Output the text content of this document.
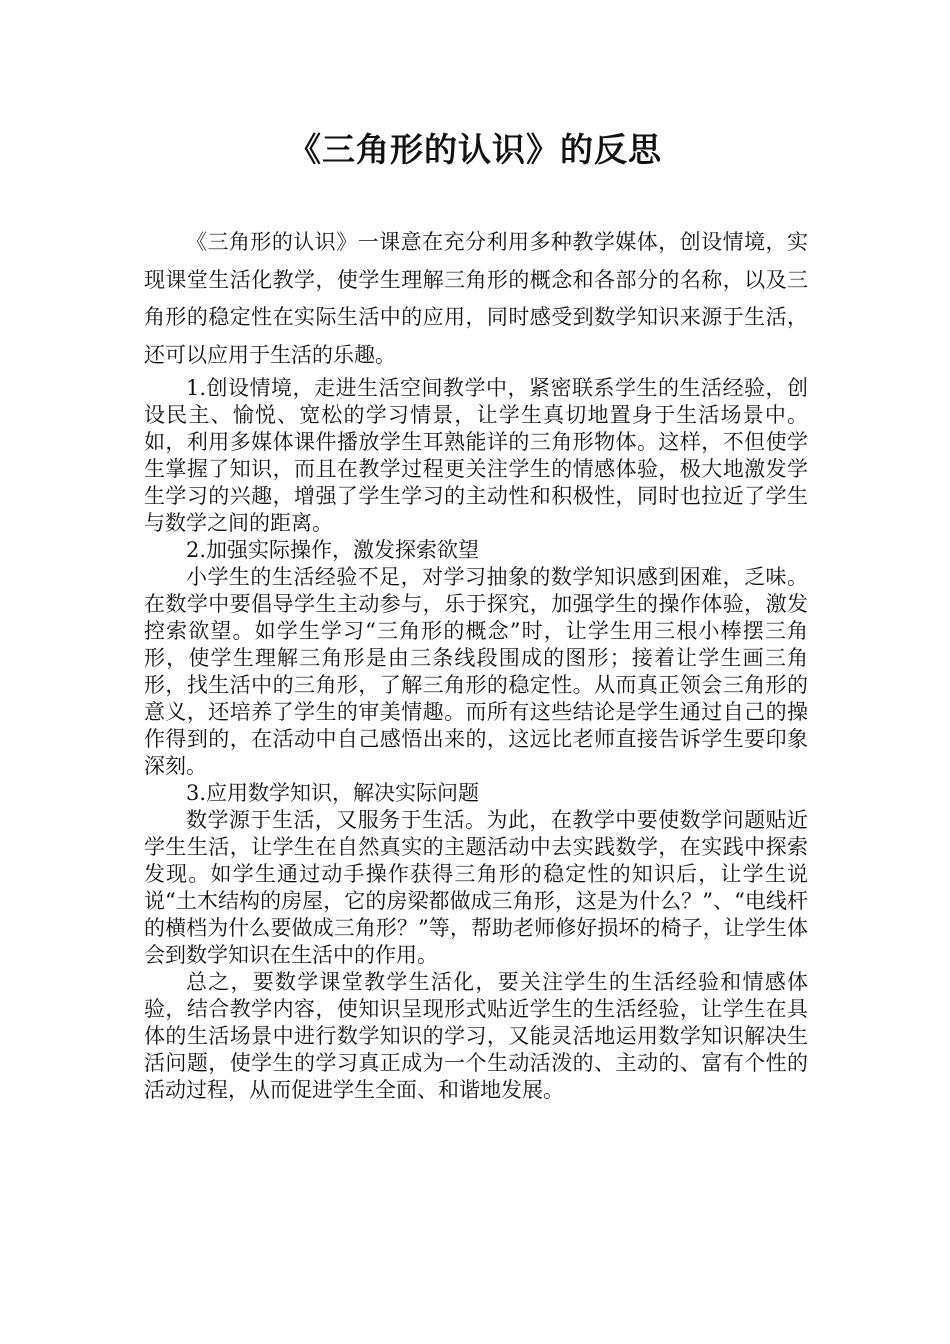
《三角形的认识》的反思

《三角形的认识》一课意在充分利用多种教学媒体，创设情境，实现课堂生活化教学，使学生理解三角形的概念和各部分的名称，以及三角形的稳定性在实际生活中的应用，同时感受到数学知识来源于生活，还可以应用于生活的乐趣。

1.创设情境，走进生活空间教学中，紧密联系学生的生活经验，创设民主、愉悦、宽松的学习情景，让学生真切地置身于生活场景中。如，利用多媒体课件播放学生耳熟能详的三角形物体。这样，不但使学生掌握了知识，而且在教学过程更关注学生的情感体验，极大地激发学生学习的兴趣，增强了学生学习的主动性和积极性，同时也拉近了学生与数学之间的距离。

2.加强实际操作，激发探索欲望

小学生的生活经验不足，对学习抽象的数学知识感到困难，乏味。在数学中要倡导学生主动参与，乐于探究，加强学生的操作体验，激发控索欲望。如学生学习“三角形的概念”时，让学生用三根小棒摆三角形，使学生理解三角形是由三条线段围成的图形；接着让学生画三角形，找生活中的三角形，了解三角形的稳定性。从而真正领会三角形的意义，还培养了学生的审美情趣。而所有这些结论是学生通过自己的操作得到的，在活动中自己感悟出来的，这远比老师直接告诉学生要印象深刻。

3.应用数学知识，解决实际问题

数学源于生活，又服务于生活。为此，在教学中要使数学问题贴近学生生活，让学生在自然真实的主题活动中去实践数学，在实践中探索发现。如学生通过动手操作获得三角形的稳定性的知识后，让学生说说“土木结构的房屋，它的房梁都做成三角形，这是为什么？”、“电线杆的横档为什么要做成三角形？”等，帮助老师修好损坏的椅子，让学生体会到数学知识在生活中的作用。

总之，要数学课堂教学生活化，要关注学生的生活经验和情感体验，结合教学内容，使知识呈现形式贴近学生的生活经验，让学生在具体的生活场景中进行数学知识的学习，又能灵活地运用数学知识解决生活问题，使学生的学习真正成为一个生动活泼的、主动的、富有个性的活动过程，从而促进学生全面、和谐地发展。
